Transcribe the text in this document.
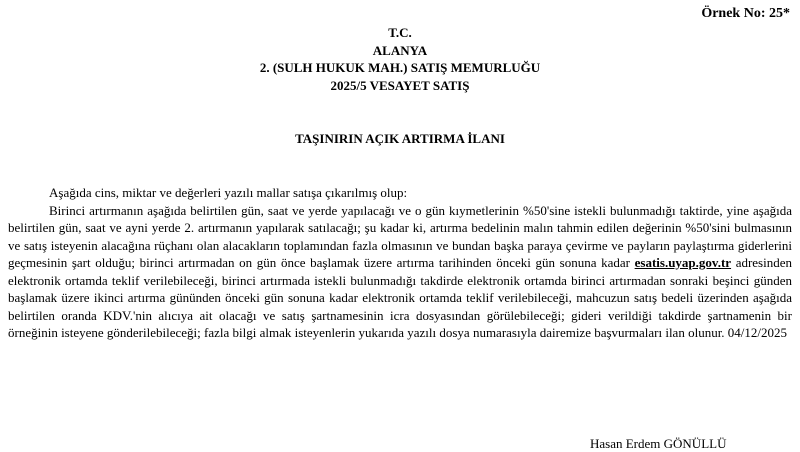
Örnek No: 25*
T.C.
ALANYA
2. (SULH HUKUK MAH.) SATIŞ MEMURLUĞU
2025/5 VESAYET SATIŞ
TAŞINIRIN AÇIK ARTIRMA İLANI

Aşağıda cins, miktar ve değerleri yazılı mallar satışa çıkarılmış olup:

Birinci artırmanın aşağıda belirtilen gün, saat ve yerde yapılacağı ve o gün kıymetlerinin %50'sine istekli bulunmadığı taktirde, yine aşağıda belirtilen gün, saat ve ayni yerde 2. artırmanın yapılarak satılacağı; şu kadar ki, artırma bedelinin malın tahmin edilen değerinin %50'sini bulmasının ve satış isteyenin alacağına rüçhanı olan alacakların toplamından fazla olmasının ve bundan başka paraya çevirme ve payların paylaştırma giderlerini geçmesinin şart olduğu; birinci artırmadan on gün önce başlamak üzere artırma tarihinden önceki gün sonuna kadar esatis.uyap.gov.tr adresinden elektronik ortamda teklif verilebileceği, birinci artırmada istekli bulunmadığı takdirde elektronik ortamda birinci artırmadan sonraki beşinci günden başlamak üzere ikinci artırma gününden önceki gün sonuna kadar elektronik ortamda teklif verilebileceği, mahcuzun satış bedeli üzerinden aşağıda belirtilen oranda KDV.'nin alıcıya ait olacağı ve satış şartnamesinin icra dosyasından görülebileceği; gideri verildiği takdirde şartnamenin bir örneğinin isteyene gönderilebileceği; fazla bilgi almak isteyenlerin yukarıda yazılı dosya numarasıyla dairemize başvurmaları ilan olunur. 04/12/2025

Hasan Erdem GÖNÜLLÜ
